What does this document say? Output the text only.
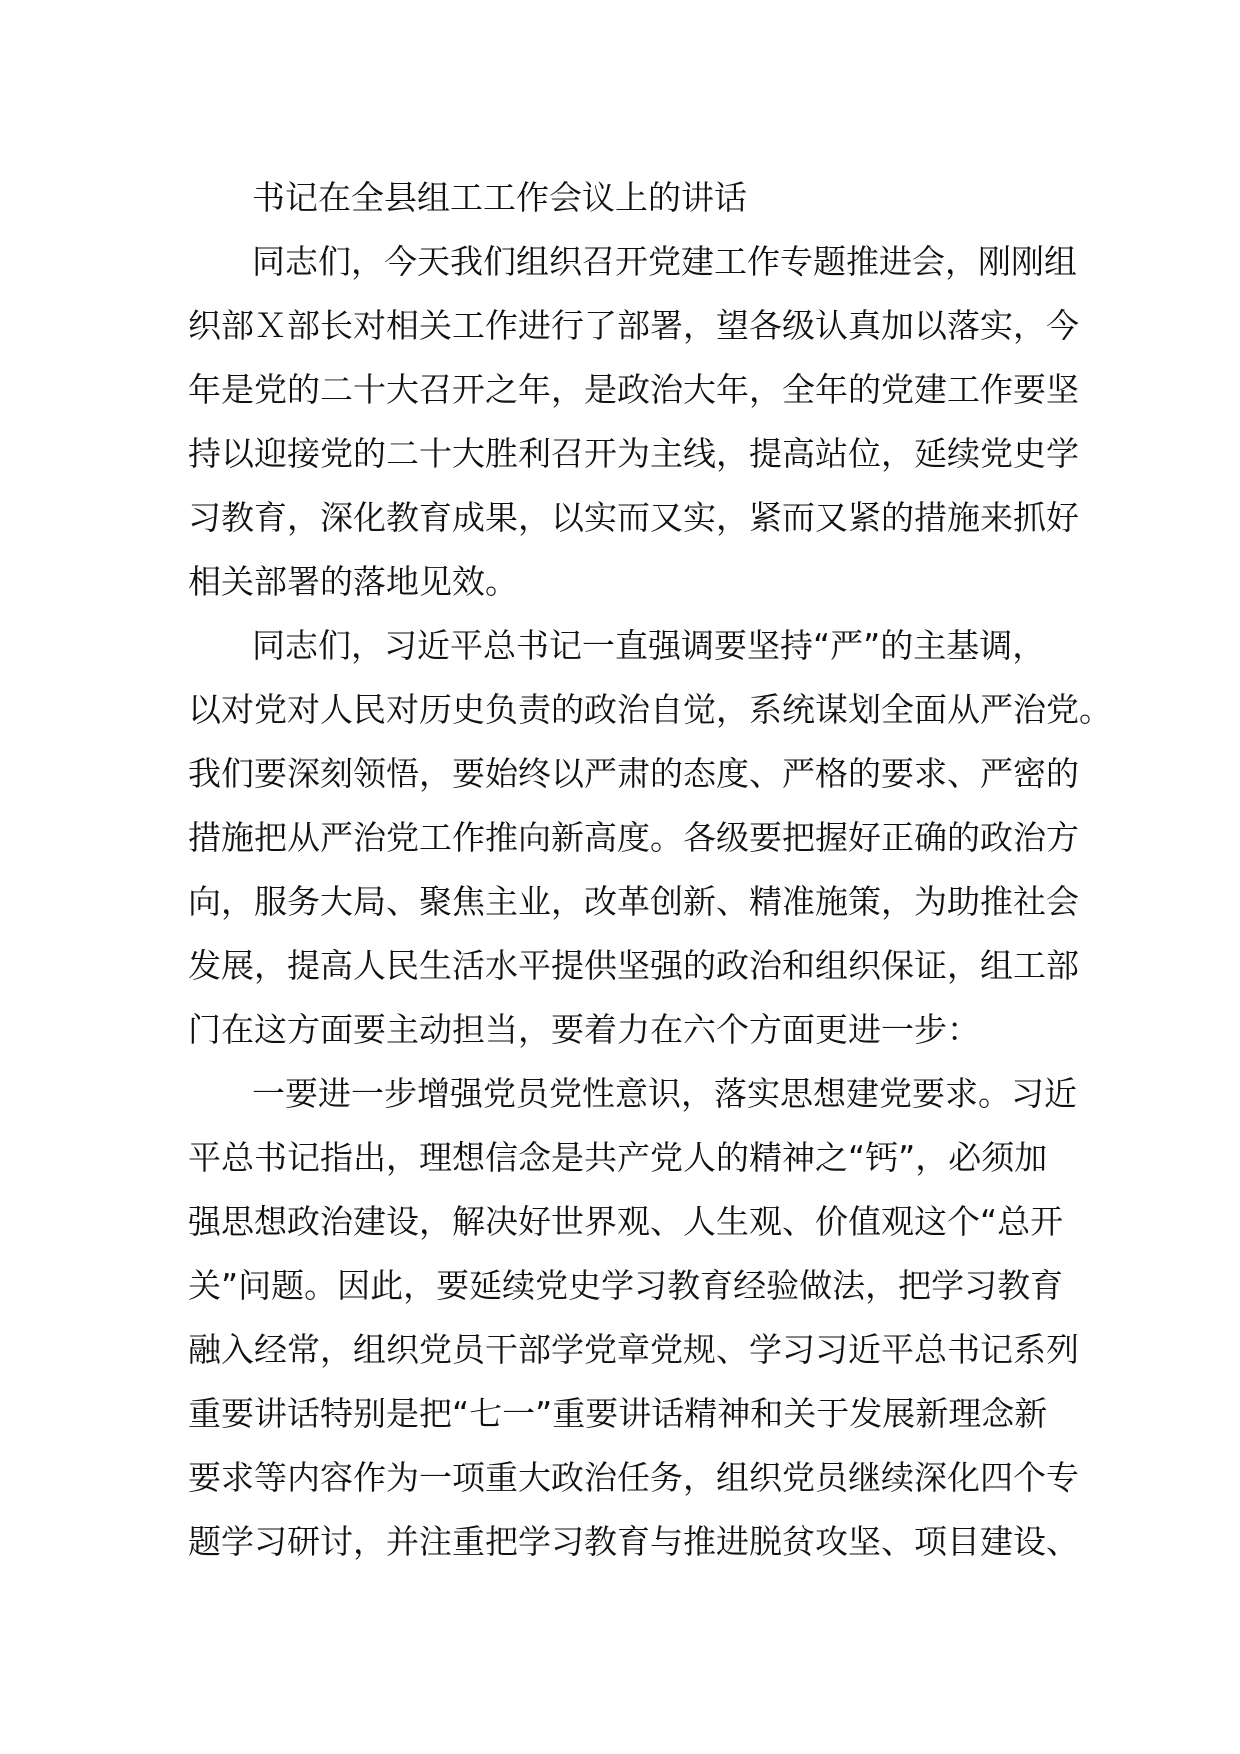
书记在全县组工工作会议上的讲话

同志们，今天我们组织召开党建工作专题推进会，刚刚组

织部Ｘ部长对相关工作进行了部署，望各级认真加以落实，今

年是党的二十大召开之年，是政治大年，全年的党建工作要坚

持以迎接党的二十大胜利召开为主线，提高站位，延续党史学

习教育，深化教育成果，以实而又实，紧而又紧的措施来抓好

相关部署的落地见效。

同志们，习近平总书记一直强调要坚持“严”的主基调，

以对党对人民对历史负责的政治自觉，系统谋划全面从严治党。

我们要深刻领悟，要始终以严肃的态度、严格的要求、严密的

措施把从严治党工作推向新高度。各级要把握好正确的政治方

向，服务大局、聚焦主业，改革创新、精准施策，为助推社会

发展，提高人民生活水平提供坚强的政治和组织保证，组工部

门在这方面要主动担当，要着力在六个方面更进一步：

一要进一步增强党员党性意识，落实思想建党要求。习近

平总书记指出，理想信念是共产党人的精神之“钙”，必须加

强思想政治建设，解决好世界观、人生观、价值观这个“总开

关”问题。因此，要延续党史学习教育经验做法，把学习教育

融入经常，组织党员干部学党章党规、学习习近平总书记系列

重要讲话特别是把“七一”重要讲话精神和关于发展新理念新

要求等内容作为一项重大政治任务，组织党员继续深化四个专

题学习研讨，并注重把学习教育与推进脱贫攻坚、项目建设、
